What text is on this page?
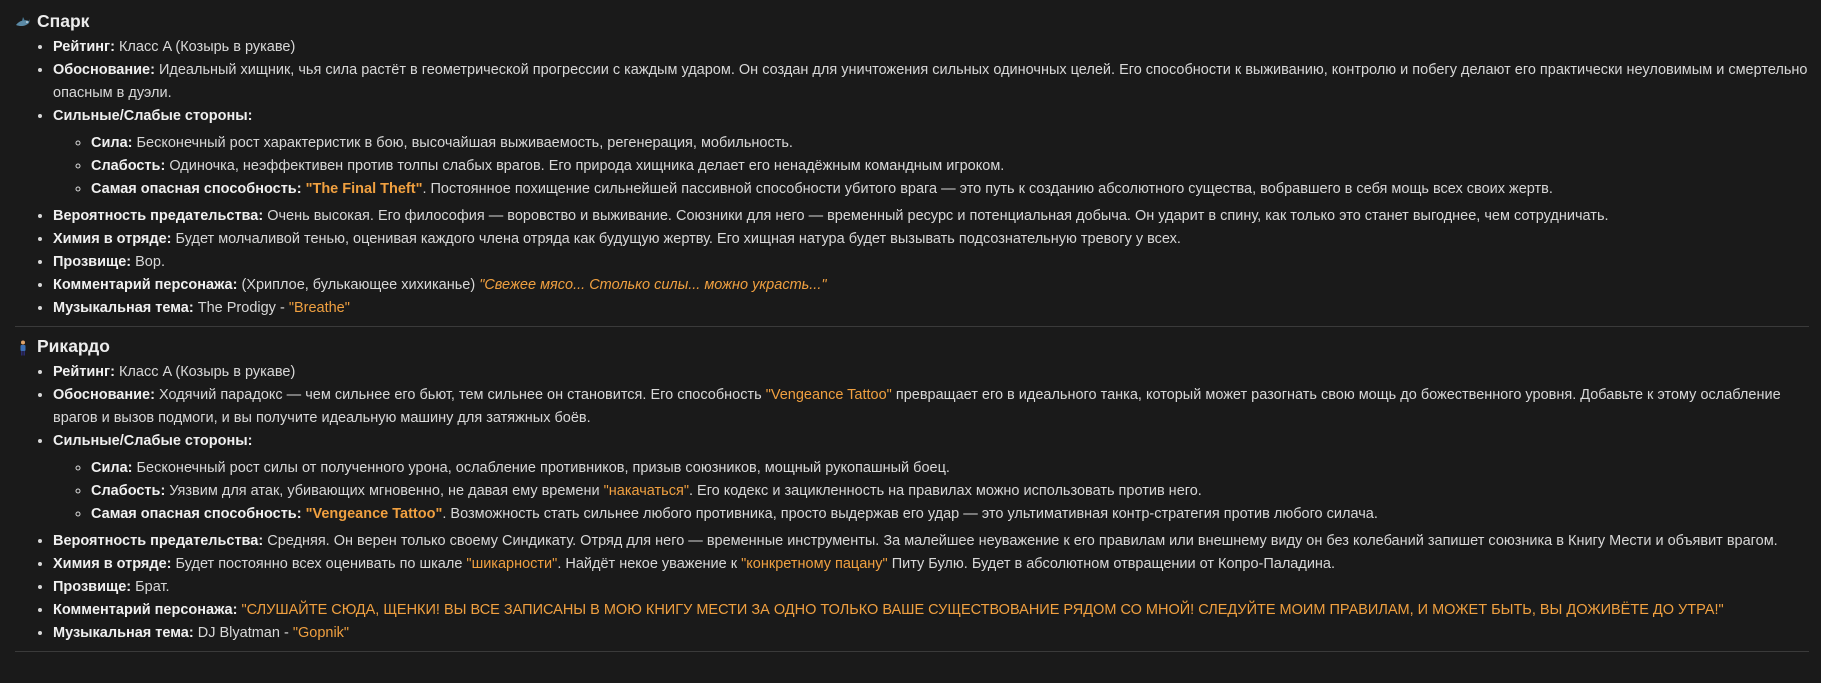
Спарк
• Рейтинг: Класс A (Козырь в рукаве)
• Обоснование: Идеальный хищник, чья сила растёт в геометрической прогрессии с каждым ударом. Он создан для уничтожения сильных одиночных целей. Его способности к выживанию, контролю и побегу делают его практически неуловимым и смертельно опасным в дуэли.
• Сильные/Слабые стороны:
◦ Сила: Бесконечный рост характеристик в бою, высочайшая выживаемость, регенерация, мобильность.
◦ Слабость: Одиночка, неэффективен против толпы слабых врагов. Его природа хищника делает его ненадёжным командным игроком.
◦ Самая опасная способность: "The Final Theft". Постоянное похищение сильнейшей пассивной способности убитого врага — это путь к созданию абсолютного существа, вобравшего в себя мощь всех своих жертв.
• Вероятность предательства: Очень высокая. Его философия — воровство и выживание. Союзники для него — временный ресурс и потенциальная добыча. Он ударит в спину, как только это станет выгоднее, чем сотрудничать.
• Химия в отряде: Будет молчаливой тенью, оценивая каждого члена отряда как будущую жертву. Его хищная натура будет вызывать подсознательную тревогу у всех.
• Прозвище: Вор.
• Комментарий персонажа: (Хриплое, булькающее хихиканье) "Свежее мясо... Столько силы... можно украсть..."
• Музыкальная тема: The Prodigy - "Breathe"
Рикардо
• Рейтинг: Класс A (Козырь в рукаве)
• Обоснование: Ходячий парадокс — чем сильнее его бьют, тем сильнее он становится. Его способность "Vengeance Tattoo" превращает его в идеального танка, который может разогнать свою мощь до божественного уровня. Добавьте к этому ослабление врагов и вызов подмоги, и вы получите идеальную машину для затяжных боёв.
• Сильные/Слабые стороны:
◦ Сила: Бесконечный рост силы от полученного урона, ослабление противников, призыв союзников, мощный рукопашный боец.
◦ Слабость: Уязвим для атак, убивающих мгновенно, не давая ему времени "накачаться". Его кодекс и зацикленность на правилах можно использовать против него.
◦ Самая опасная способность: "Vengeance Tattoo". Возможность стать сильнее любого противника, просто выдержав его удар — это ультимативная контр-стратегия против любого силача.
• Вероятность предательства: Средняя. Он верен только своему Синдикату. Отряд для него — временные инструменты. За малейшее неуважение к его правилам или внешнему виду он без колебаний запишет союзника в Книгу Мести и объявит врагом.
• Химия в отряде: Будет постоянно всех оценивать по шкале "шикарности". Найдёт некое уважение к "конкретному пацану" Питу Булю. Будет в абсолютном отвращении от Копро-Паладина.
• Прозвище: Брат.
• Комментарий персонажа: "СЛУШАЙТЕ СЮДА, ЩЕНКИ! ВЫ ВСЕ ЗАПИСАНЫ В МОЮ КНИГУ МЕСТИ ЗА ОДНО ТОЛЬКО ВАШЕ СУЩЕСТВОВАНИЕ РЯДОМ СО МНОЙ! СЛЕДУЙТЕ МОИМ ПРАВИЛАМ, И МОЖЕТ БЫТЬ, ВЫ ДОЖИВЁТЕ ДО УТРА!"
• Музыкальная тема: DJ Blyatman - "Gopnik"
